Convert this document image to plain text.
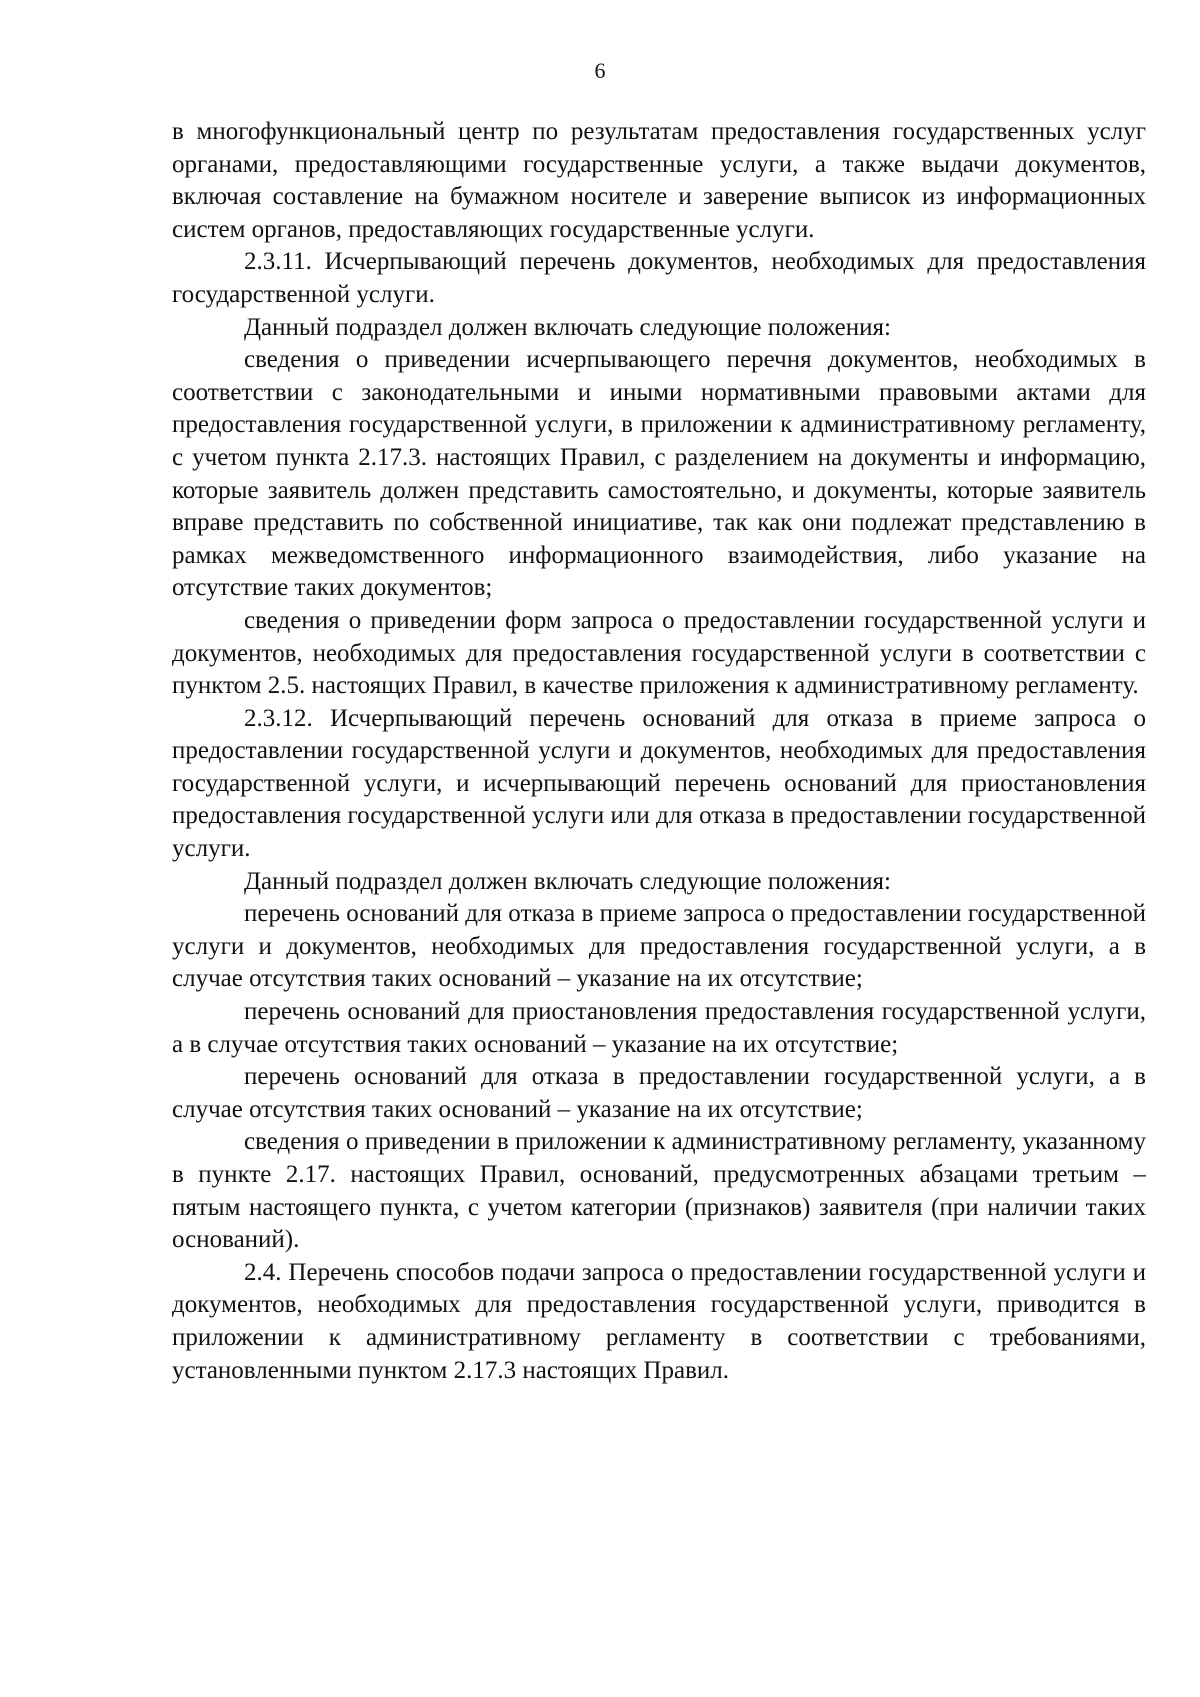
6

в многофункциональный центр по результатам предоставления государственных услуг органами, предоставляющими государственные услуги, а также выдачи документов, включая составление на бумажном носителе и заверение выписок из информационных систем органов, предоставляющих государственные услуги.

2.3.11. Исчерпывающий перечень документов, необходимых для предоставления государственной услуги.

Данный подраздел должен включать следующие положения:

сведения о приведении исчерпывающего перечня документов, необходимых в соответствии с законодательными и иными нормативными правовыми актами для предоставления государственной услуги, в приложении к административному регламенту, с учетом пункта 2.17.3. настоящих Правил, с разделением на документы и информацию, которые заявитель должен представить самостоятельно, и документы, которые заявитель вправе представить по собственной инициативе, так как они подлежат представлению в рамках межведомственного информационного взаимодействия, либо указание на отсутствие таких документов;

сведения о приведении форм запроса о предоставлении государственной услуги и документов, необходимых для предоставления государственной услуги в соответствии с пунктом 2.5. настоящих Правил, в качестве приложения к административному регламенту.

2.3.12. Исчерпывающий перечень оснований для отказа в приеме запроса о предоставлении государственной услуги и документов, необходимых для предоставления государственной услуги, и исчерпывающий перечень оснований для приостановления предоставления государственной услуги или для отказа в предоставлении государственной услуги.

Данный подраздел должен включать следующие положения:

перечень оснований для отказа в приеме запроса о предоставлении государственной услуги и документов, необходимых для предоставления государственной услуги, а в случае отсутствия таких оснований – указание на их отсутствие;

перечень оснований для приостановления предоставления государственной услуги, а в случае отсутствия таких оснований – указание на их отсутствие;

перечень оснований для отказа в предоставлении государственной услуги, а в случае отсутствия таких оснований – указание на их отсутствие;

сведения о приведении в приложении к административному регламенту, указанному в пункте 2.17. настоящих Правил, оснований, предусмотренных абзацами третьим – пятым настоящего пункта, с учетом категории (признаков) заявителя (при наличии таких оснований).

2.4. Перечень способов подачи запроса о предоставлении государственной услуги и документов, необходимых для предоставления государственной услуги, приводится в приложении к административному регламенту в соответствии с требованиями, установленными пунктом 2.17.3 настоящих Правил.
